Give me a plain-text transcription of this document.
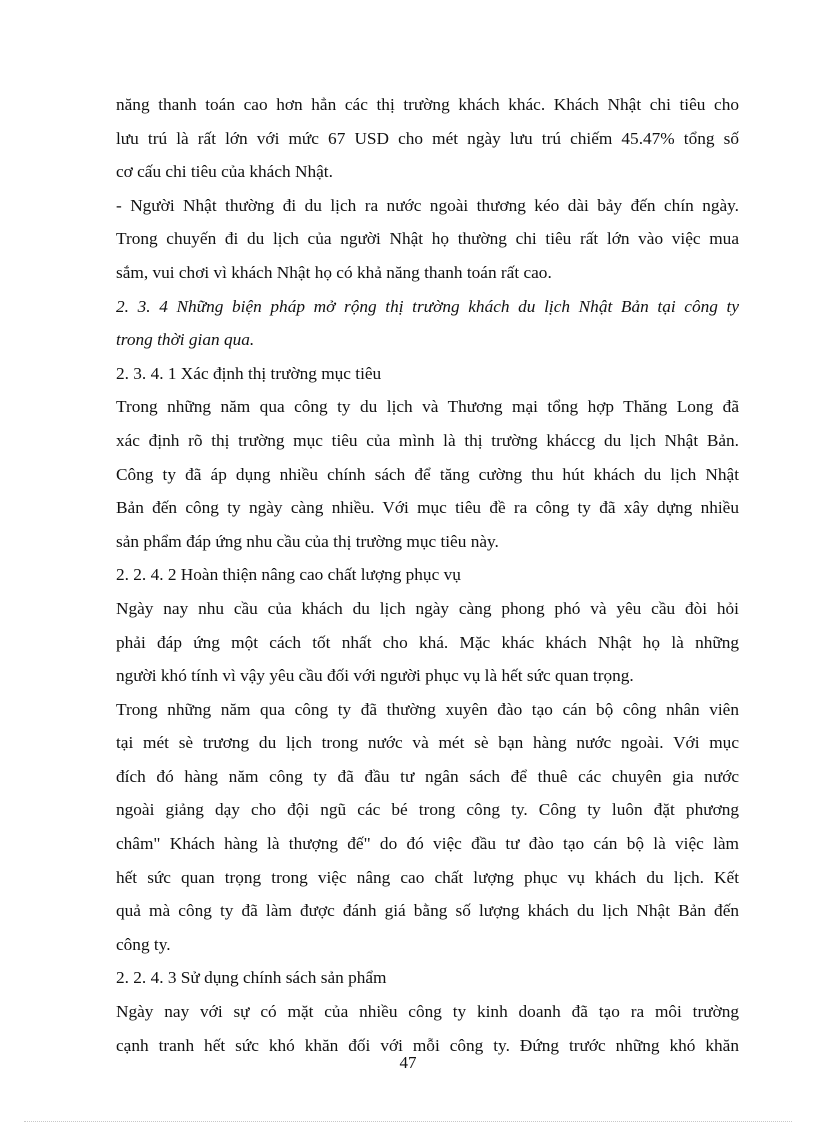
năng thanh toán cao hơn hẳn các thị trường khách khác. Khách Nhật chi tiêu cho
lưu trú là rất lớn với mức 67 USD cho mét ngày lưu trú chiếm 45.47% tổng số
cơ cấu chi tiêu của khách Nhật.
- Người Nhật thường đi du lịch ra nước ngoài thương kéo dài bảy đến chín ngày.
Trong chuyến đi du lịch của người Nhật họ thường chi tiêu rất lớn vào việc mua
sắm, vui chơi vì khách Nhật họ có khả năng thanh toán rất cao.
2. 3. 4 Những biện pháp mở rộng thị trường khách du lịch Nhật Bản tại công ty
trong thời gian qua.
2. 3. 4. 1 Xác định thị trường mục tiêu
Trong những năm qua công ty du lịch và Thương mại tổng hợp Thăng Long đã
xác định rõ thị trường mục tiêu của mình là thị trường kháccg du lịch Nhật Bản.
Công ty đã áp dụng nhiều chính sách để tăng cường thu hút khách du lịch Nhật
Bản đến công ty ngày càng nhiều. Với mục tiêu đề ra công ty đã xây dựng nhiều
sản phẩm đáp ứng nhu cầu của thị trường mục tiêu này.
2. 2. 4. 2 Hoàn thiện nâng cao chất lượng phục vụ
Ngày nay nhu cầu của khách du lịch ngày càng phong phó và yêu cầu đòi hỏi
phải đáp ứng một cách tốt nhất cho khá. Mặc khác khách Nhật họ là những
người khó tính vì vậy yêu cầu đối với người phục vụ là hết sức quan trọng.
Trong những năm qua công ty đã thường xuyên đào tạo cán bộ công nhân viên
tại mét sè trương du lịch trong nước và mét sè bạn hàng nước ngoài. Với mục
đích đó hàng năm công ty đã đầu tư ngân sách để thuê các chuyên gia nước
ngoài giảng dạy cho đội ngũ các bé trong công ty. Công ty luôn đặt phương
châm" Khách hàng là thượng đế" do đó việc đầu tư đào tạo cán bộ là việc làm
hết sức quan trọng trong việc nâng cao chất lượng phục vụ khách du lịch. Kết
quả mà công ty đã làm được đánh giá bằng số lượng khách du lịch Nhật Bản đến
công ty.
2. 2. 4. 3 Sử dụng chính sách sản phẩm
Ngày nay với sự có mặt của nhiều công ty kinh doanh đã tạo ra môi trường
cạnh tranh hết sức khó khăn đối với mỗi công ty. Đứng trước những khó khăn
47
